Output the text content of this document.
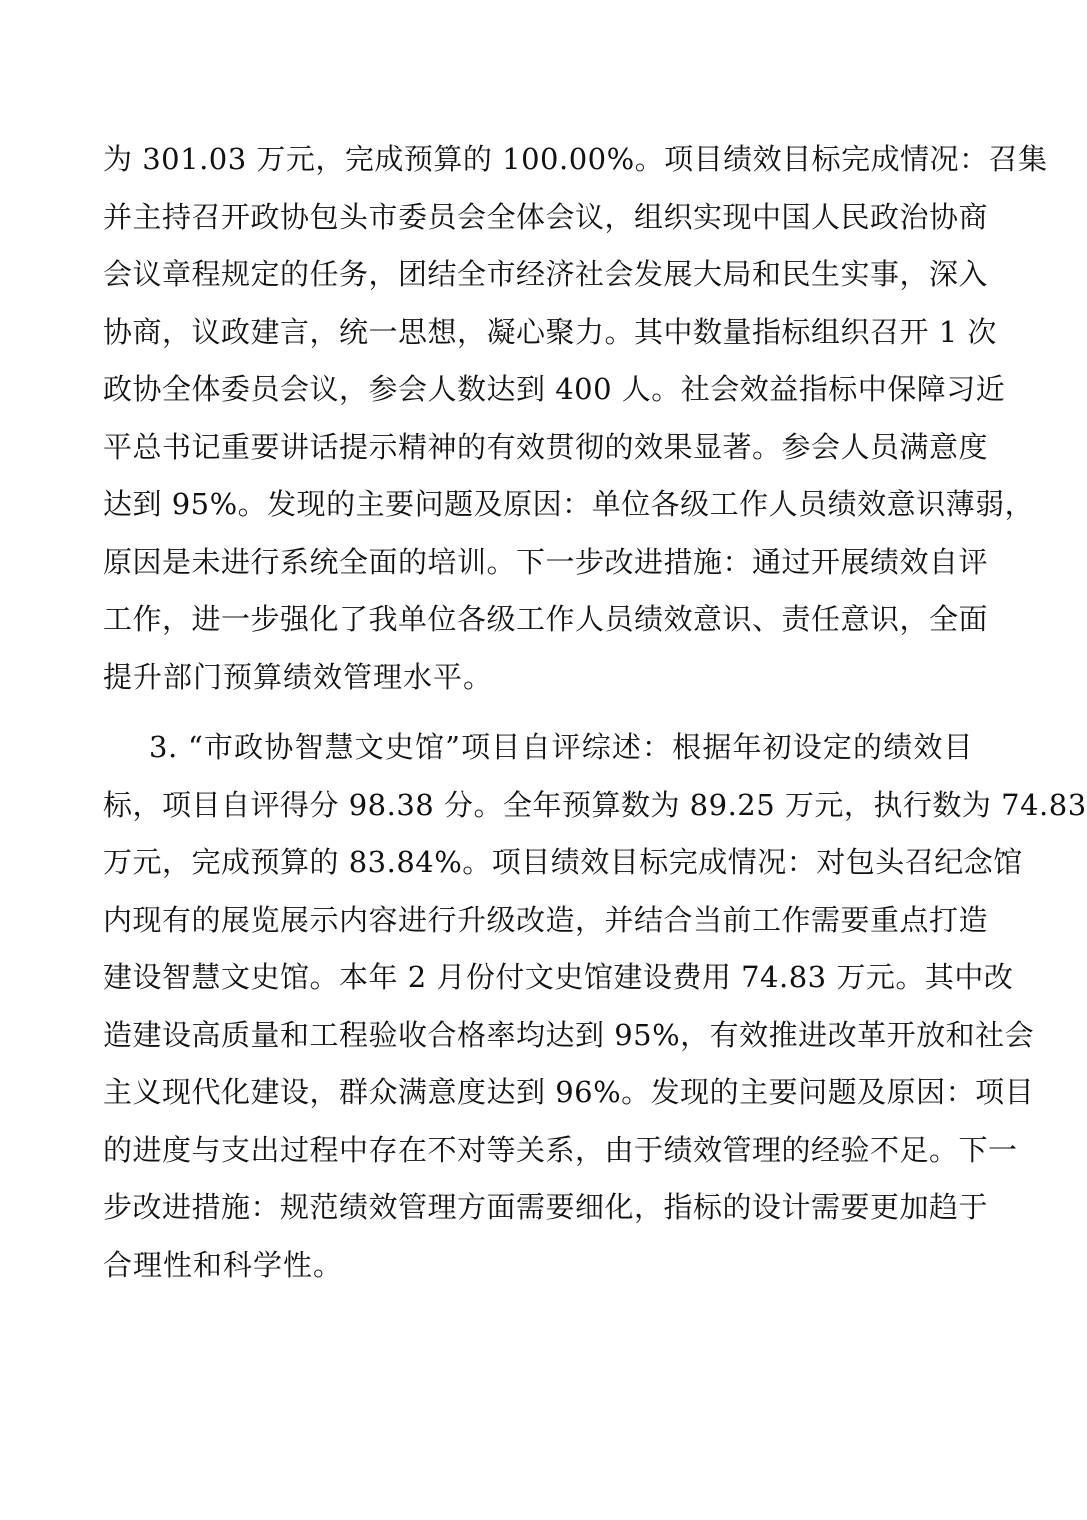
为 301.03 万元，完成预算的 100.00%。项目绩效目标完成情况：召集
并主持召开政协包头市委员会全体会议，组织实现中国人民政治协商
会议章程规定的任务，团结全市经济社会发展大局和民生实事，深入
协商，议政建言，统一思想，凝心聚力。其中数量指标组织召开 1 次
政协全体委员会议，参会人数达到 400 人。社会效益指标中保障习近
平总书记重要讲话提示精神的有效贯彻的效果显著。参会人员满意度
达到 95%。发现的主要问题及原因：单位各级工作人员绩效意识薄弱，
原因是未进行系统全面的培训。下一步改进措施：通过开展绩效自评
工作，进一步强化了我单位各级工作人员绩效意识、责任意识，全面
提升部门预算绩效管理水平。
3. “市政协智慧文史馆”项目自评综述：根据年初设定的绩效目
标，项目自评得分 98.38 分。全年预算数为 89.25 万元，执行数为 74.83
万元，完成预算的 83.84%。项目绩效目标完成情况：对包头召纪念馆
内现有的展览展示内容进行升级改造，并结合当前工作需要重点打造
建设智慧文史馆。本年 2 月份付文史馆建设费用 74.83 万元。其中改
造建设高质量和工程验收合格率均达到 95%，有效推进改革开放和社会
主义现代化建设，群众满意度达到 96%。发现的主要问题及原因：项目
的进度与支出过程中存在不对等关系，由于绩效管理的经验不足。下一
步改进措施：规范绩效管理方面需要细化，指标的设计需要更加趋于
合理性和科学性。
